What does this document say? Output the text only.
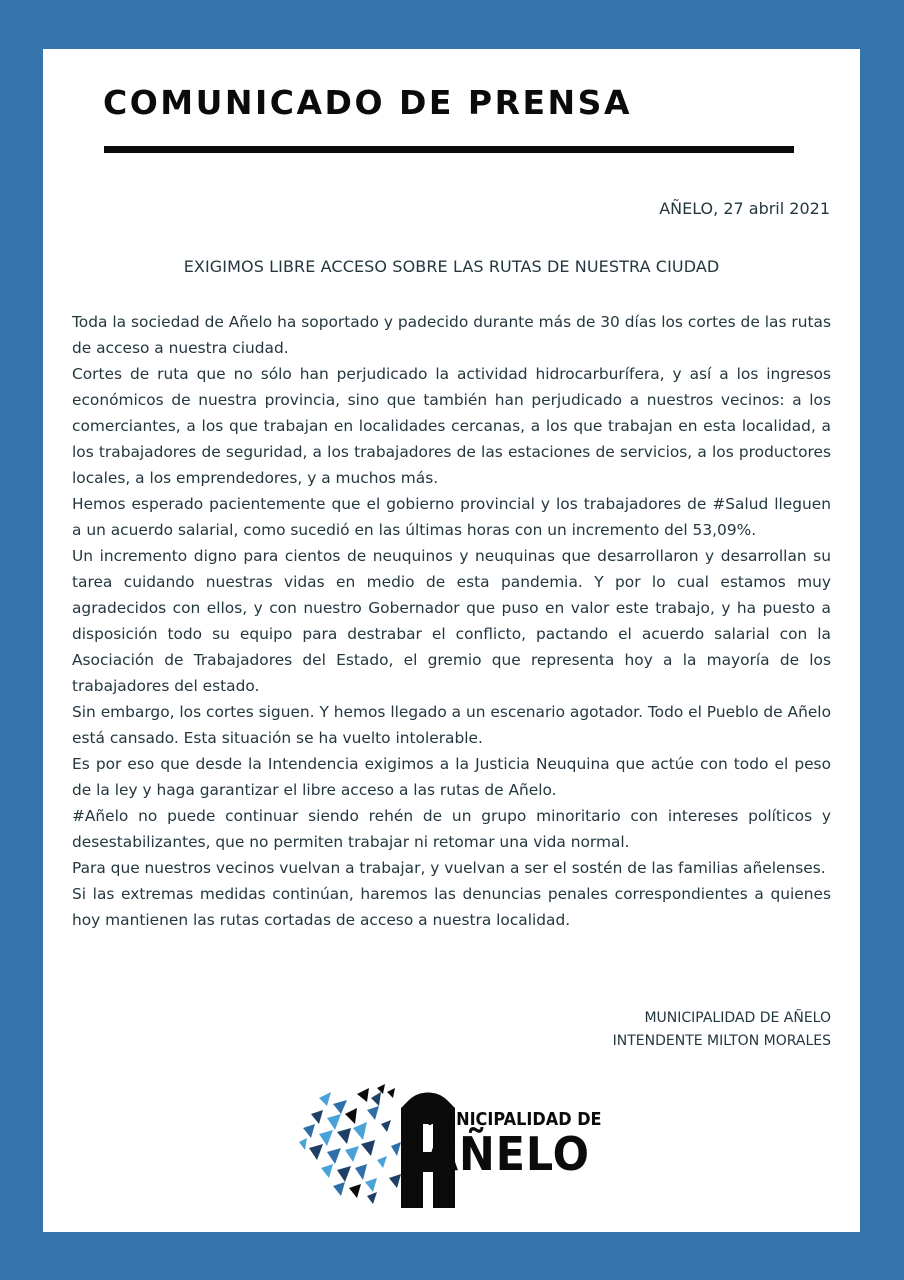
COMUNICADO DE PRENSA
AÑELO, 27 abril 2021
EXIGIMOS LIBRE ACCESO SOBRE LAS RUTAS DE NUESTRA CIUDAD

Toda la sociedad de Añelo ha soportado y padecido durante más de 30 días los cortes de las rutas de acceso a nuestra ciudad.

Cortes de ruta que no sólo han perjudicado la actividad hidrocarburífera, y así a los ingresos económicos de nuestra provincia, sino que también han perjudicado a nuestros vecinos: a los comerciantes, a los que trabajan en localidades cercanas, a los que trabajan en esta localidad, a los trabajadores de seguridad, a los trabajadores de las estaciones de servicios, a los productores locales, a los emprendedores, y a muchos más.

Hemos esperado pacientemente que el gobierno provincial y los trabajadores de #Salud lleguen a un acuerdo salarial, como sucedió en las últimas horas con un incremento del 53,09%.

Un incremento digno para cientos de neuquinos y neuquinas que desarrollaron y desarrollan su tarea cuidando nuestras vidas en medio de esta pandemia. Y por lo cual estamos muy agradecidos con ellos, y con nuestro Gobernador que puso en valor este trabajo, y ha puesto a disposición todo su equipo para destrabar el conflicto, pactando el acuerdo salarial con la Asociación de Trabajadores del Estado, el gremio que representa hoy a la mayoría de los trabajadores del estado.

Sin embargo, los cortes siguen. Y hemos llegado a un escenario agotador. Todo el Pueblo de Añelo está cansado. Esta situación se ha vuelto intolerable.

Es por eso que desde la Intendencia exigimos a la Justicia Neuquina que actúe con todo el peso de la ley y haga garantizar el libre acceso a las rutas de Añelo.

#Añelo no puede continuar siendo rehén de un grupo minoritario con intereses políticos y desestabilizantes, que no permiten trabajar ni retomar una vida normal.

Para que nuestros vecinos vuelvan a trabajar, y vuelvan a ser el sostén de las familias añelenses.

Si las extremas medidas continúan, haremos las denuncias penales correspondientes a quienes hoy mantienen las rutas cortadas de acceso a nuestra localidad.

MUNICIPALIDAD DE AÑELO
INTENDENTE MILTON MORALES
MUNICIPALIDAD DE
AÑELO
